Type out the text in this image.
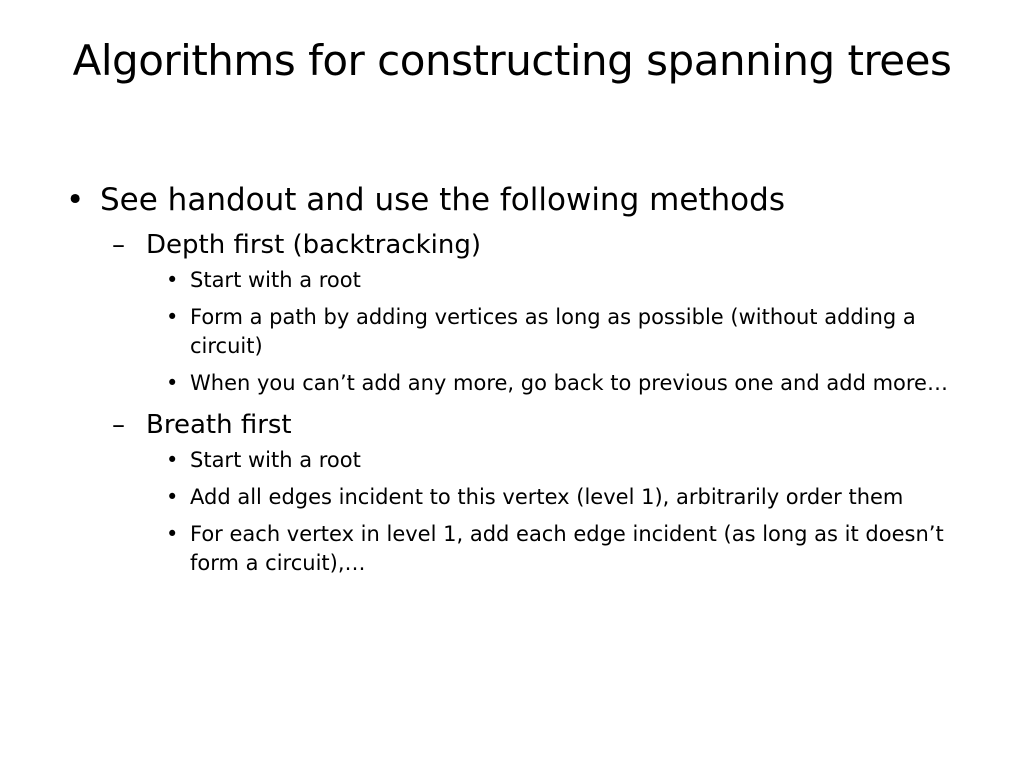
Algorithms for constructing spanning trees
• See handout and use the following methods
– Depth first (backtracking)
• Start with a root
• Form a path by adding vertices as long as possible (without adding a circuit)
• When you can’t add any more, go back to previous one and add more…
– Breath first
• Start with a root
• Add all edges incident to this vertex (level 1), arbitrarily order them
• For each vertex in level 1, add each edge incident (as long as it doesn’t form a circuit),…
